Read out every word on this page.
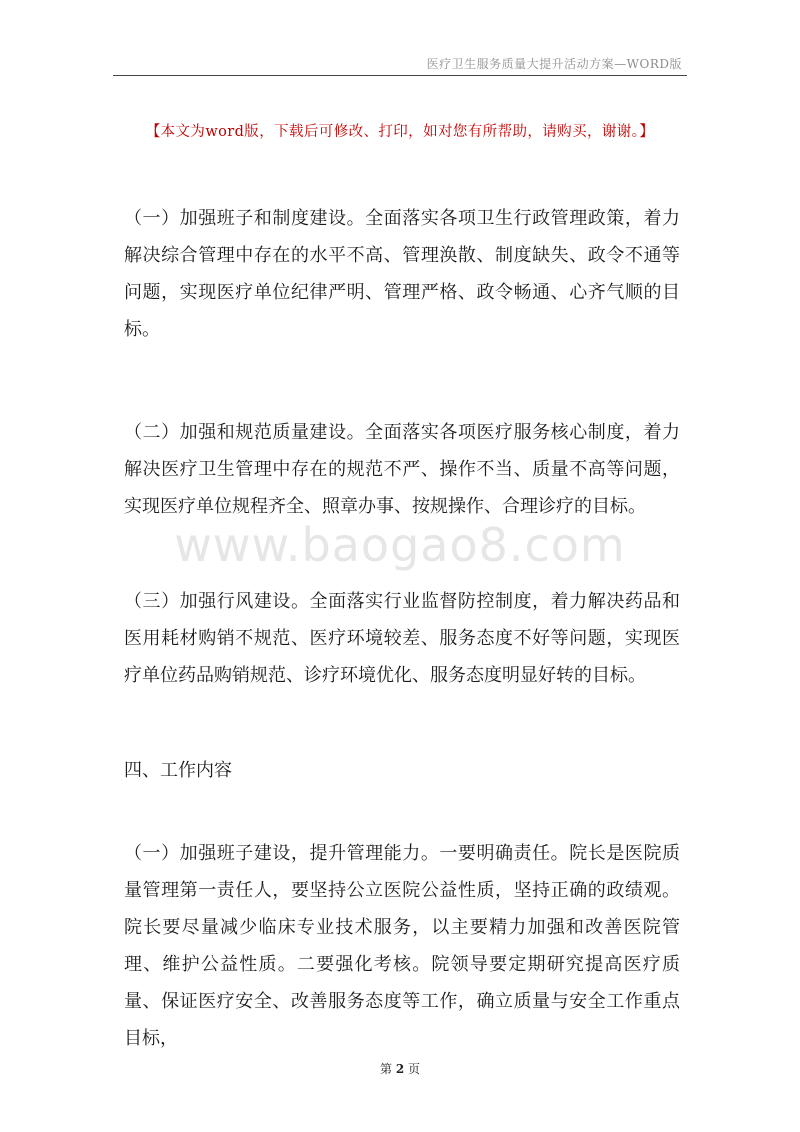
医疗卫生服务质量大提升活动方案—WORD版
【本文为word版，下载后可修改、打印，如对您有所帮助，请购买，谢谢。】
www.baogao8.com

（一）加强班子和制度建设。全面落实各项卫生行政管理政策，着力解决综合管理中存在的水平不高、管理涣散、制度缺失、政令不通等问题，实现医疗单位纪律严明、管理严格、政令畅通、心齐气顺的目标。

（二）加强和规范质量建设。全面落实各项医疗服务核心制度，着力解决医疗卫生管理中存在的规范不严、操作不当、质量不高等问题，实现医疗单位规程齐全、照章办事、按规操作、合理诊疗的目标。

（三）加强行风建设。全面落实行业监督防控制度，着力解决药品和医用耗材购销不规范、医疗环境较差、服务态度不好等问题，实现医疗单位药品购销规范、诊疗环境优化、服务态度明显好转的目标。

四、工作内容

（一）加强班子建设，提升管理能力。一要明确责任。院长是医院质量管理第一责任人，要坚持公立医院公益性质，坚持正确的政绩观。院长要尽量减少临床专业技术服务，以主要精力加强和改善医院管理、维护公益性质。二要强化考核。院领导要定期研究提高医疗质量、保证医疗安全、改善服务态度等工作，确立质量与安全工作重点目标，

第 2 页
